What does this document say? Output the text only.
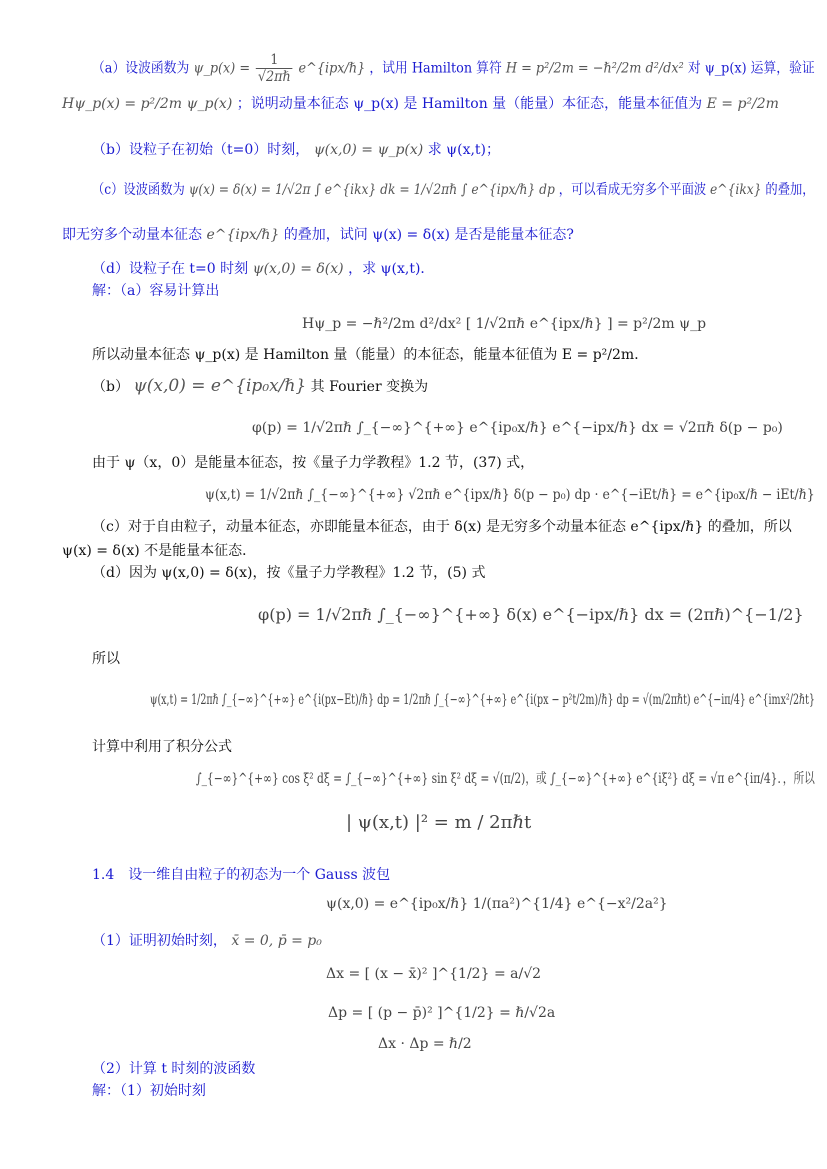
（a）设波函数为 ψ_p(x) = $\frac{1}{\text{√2πℏ}}$ e^{ipx/ℏ} ，试用 Hamilton 算符 H = p²/2m = −ℏ²/2m d²/dx² 对 ψ_p(x) 运算，验证
Hψ_p(x) = p²/2m ψ_p(x) ；说明动量本征态 ψ_p(x) 是 Hamilton 量（能量）本征态，能量本征值为 E = p²/2m
（b）设粒子在初始（t=0）时刻， ψ(x,0) = ψ_p(x) 求 ψ(x,t)；
（c）设波函数为 ψ(x) = δ(x) = 1/√2π ∫ e^{ikx} dk = 1/√2πℏ ∫ e^{ipx/ℏ} dp ，可以看成无穷多个平面波 e^{ikx} 的叠加，
即无穷多个动量本征态 e^{ipx/ℏ} 的叠加，试问 ψ(x) = δ(x) 是否是能量本征态?
（d）设粒子在 t=0 时刻 ψ(x,0) = δ(x) ，求 ψ(x,t)．
解：（a）容易计算出
Hψ_p = −ℏ²/2m d²/dx² [ 1/√2πℏ e^{ipx/ℏ} ] = p²/2m ψ_p
所以动量本征态 ψ_p(x) 是 Hamilton 量（能量）的本征态，能量本征值为 E = p²/2m．
（b） ψ(x,0) = e^{ip₀x/ℏ} 其 Fourier 变换为
φ(p) = 1/√2πℏ ∫_{−∞}^{+∞} e^{ip₀x/ℏ} e^{−ipx/ℏ} dx = √2πℏ δ(p − p₀)
由于 ψ（x，0）是能量本征态，按《量子力学教程》1.2 节，(37) 式，
ψ(x,t) = 1/√2πℏ ∫_{−∞}^{+∞} √2πℏ e^{ipx/ℏ} δ(p − p₀) dp · e^{−iEt/ℏ} = e^{ip₀x/ℏ − iEt/ℏ}
（c）对于自由粒子，动量本征态，亦即能量本征态，由于 δ(x) 是无穷多个动量本征态 e^{ipx/ℏ} 的叠加，所以
ψ(x) = δ(x) 不是能量本征态．
（d）因为 ψ(x,0) = δ(x)，按《量子力学教程》1.2 节，(5) 式
φ(p) = 1/√2πℏ ∫_{−∞}^{+∞} δ(x) e^{−ipx/ℏ} dx = (2πℏ)^{−1/2}
所以
ψ(x,t) = 1/2πℏ ∫_{−∞}^{+∞} e^{i(px−Et)/ℏ} dp = 1/2πℏ ∫_{−∞}^{+∞} e^{i(px − p²t/2m)/ℏ} dp = √(m/2πℏt) e^{−iπ/4} e^{imx²/2ℏt}
计算中利用了积分公式
∫_{−∞}^{+∞} cos ξ² dξ = ∫_{−∞}^{+∞} sin ξ² dξ = √(π/2)，或 ∫_{−∞}^{+∞} e^{iξ²} dξ = √π e^{iπ/4}．，所以
| ψ(x,t) |² = m / 2πℏt
1.4　设一维自由粒子的初态为一个 Gauss 波包
ψ(x,0) = e^{ip₀x/ℏ} 1/(πa²)^{1/4} e^{−x²/2a²}
（1）证明初始时刻， x̄ = 0, p̄ = p₀
Δx = [ (x − x̄)² ]^{1/2} = a/√2
Δp = [ (p − p̄)² ]^{1/2} = ℏ/√2a
Δx · Δp = ℏ/2
（2）计算 t 时刻的波函数
解：（1）初始时刻
